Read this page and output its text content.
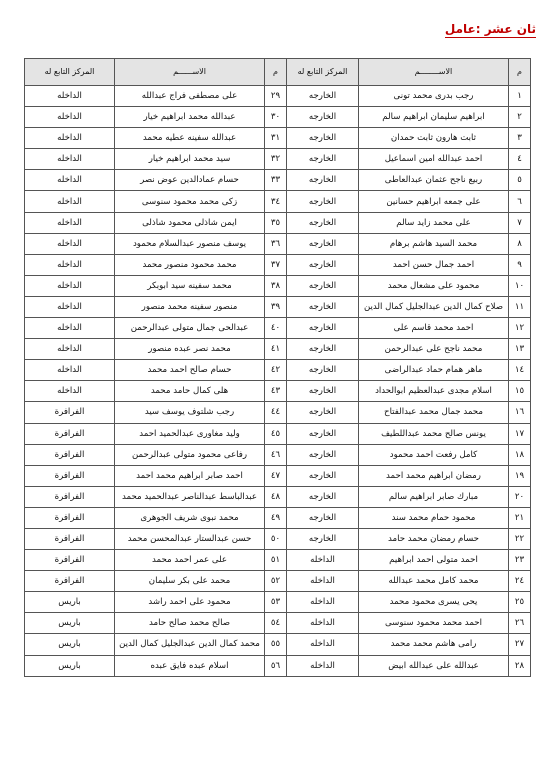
ثان عشر :عامل
م	الاســــــــم	المركز التابع له	م	الاســــــم	المركز التابع له
١	رجب بدرى محمد تونى	الخارجه	٢٩	على مصطفى فراج عبدالله	الداخله
٢	ابراهيم سليمان ابراهيم سالم	الخارجه	٣٠	عبدالله محمد ابراهيم خيار	الداخله
٣	ثابت هارون ثابت حمدان	الخارجه	٣١	عبدالله سفينه عطيه محمد	الداخله
٤	احمد عبدالله امين اسماعيل	الخارجه	٣٢	سيد محمد ابراهيم خيار	الداخله
٥	ربيع ناجح عثمان عبدالعاطى	الخارجه	٣٣	حسام عمادالدين عوض نصر	الداخله
٦	على جمعه ابراهيم حسانين	الخارجه	٣٤	زكى محمد محمود سنوسى	الداخله
٧	على محمد زايد سالم	الخارجه	٣٥	ايمن شاذلى محمود شاذلى	الداخله
٨	محمد السيد هاشم برهام	الخارجه	٣٦	يوسف منصور عبدالسلام محمود	الداخله
٩	احمد جمال حسن احمد	الخارجه	٣٧	محمد محمود منصور محمد	الداخله
١٠	محمود على مشعال محمد	الخارجه	٣٨	محمد سفينه سيد ابوبكر	الداخله
١١	صلاح كمال الدين عبدالجليل كمال الدين	الخارجه	٣٩	منصور سفينه محمد منصور	الداخله
١٢	احمد محمد قاسم على	الخارجه	٤٠	عبدالحى جمال متولى عبدالرحمن	الداخله
١٣	محمد ناجح على عبدالرحمن	الخارجه	٤١	محمد نصر عبده منصور	الداخله
١٤	ماهر همام حماد عبدالراضى	الخارجه	٤٢	حسام صالح احمد محمد	الداخله
١٥	اسلام مجدى عبدالعظيم ابوالحداد	الخارجه	٤٣	هلى كمال حامد محمد	الداخله
١٦	محمد جمال محمد عبدالفتاح	الخارجه	٤٤	رجب شلتوف يوسف سيد	الفرافرة
١٧	يونس صالح محمد عبداللطيف	الخارجه	٤٥	وليد مغاورى عبدالحميد احمد	الفرافرة
١٨	كامل رفعت احمد محمود	الخارجه	٤٦	رفاعى محمود متولى عبدالرحمن	الفرافرة
١٩	رمضان ابراهيم محمد احمد	الخارجه	٤٧	احمد صابر ابراهيم محمد احمد	الفرافرة
٢٠	مبارك صابر ابراهيم سالم	الخارجه	٤٨	عبدالباسط عبدالناصر عبدالحميد محمد	الفرافرة
٢١	محمود حمام محمد سند	الخارجه	٤٩	محمد نبوى شريف الجوهرى	الفرافرة
٢٢	حسام رمضان محمد حامد	الخارجه	٥٠	حسن عبدالستار عبدالمحسن محمد	الفرافرة
٢٣	احمد متولى احمد ابراهيم	الداخله	٥١	على عمر احمد محمد	الفرافرة
٢٤	محمد كامل محمد عبدالله	الداخله	٥٢	محمد على بكر سليمان	الفرافرة
٢٥	يحى يسرى محمود محمد	الداخله	٥٣	محمود على احمد راشد	باريس
٢٦	احمد محمد محمود سنوسى	الداخله	٥٤	صالح محمد صالح حامد	باريس
٢٧	رامى هاشم محمد محمد	الداخله	٥٥	محمد كمال الدين عبدالجليل كمال الدين	باريس
٢٨	عبدالله على عبدالله ابيض	الداخله	٥٦	اسلام عبده فايق عبده	باريس
